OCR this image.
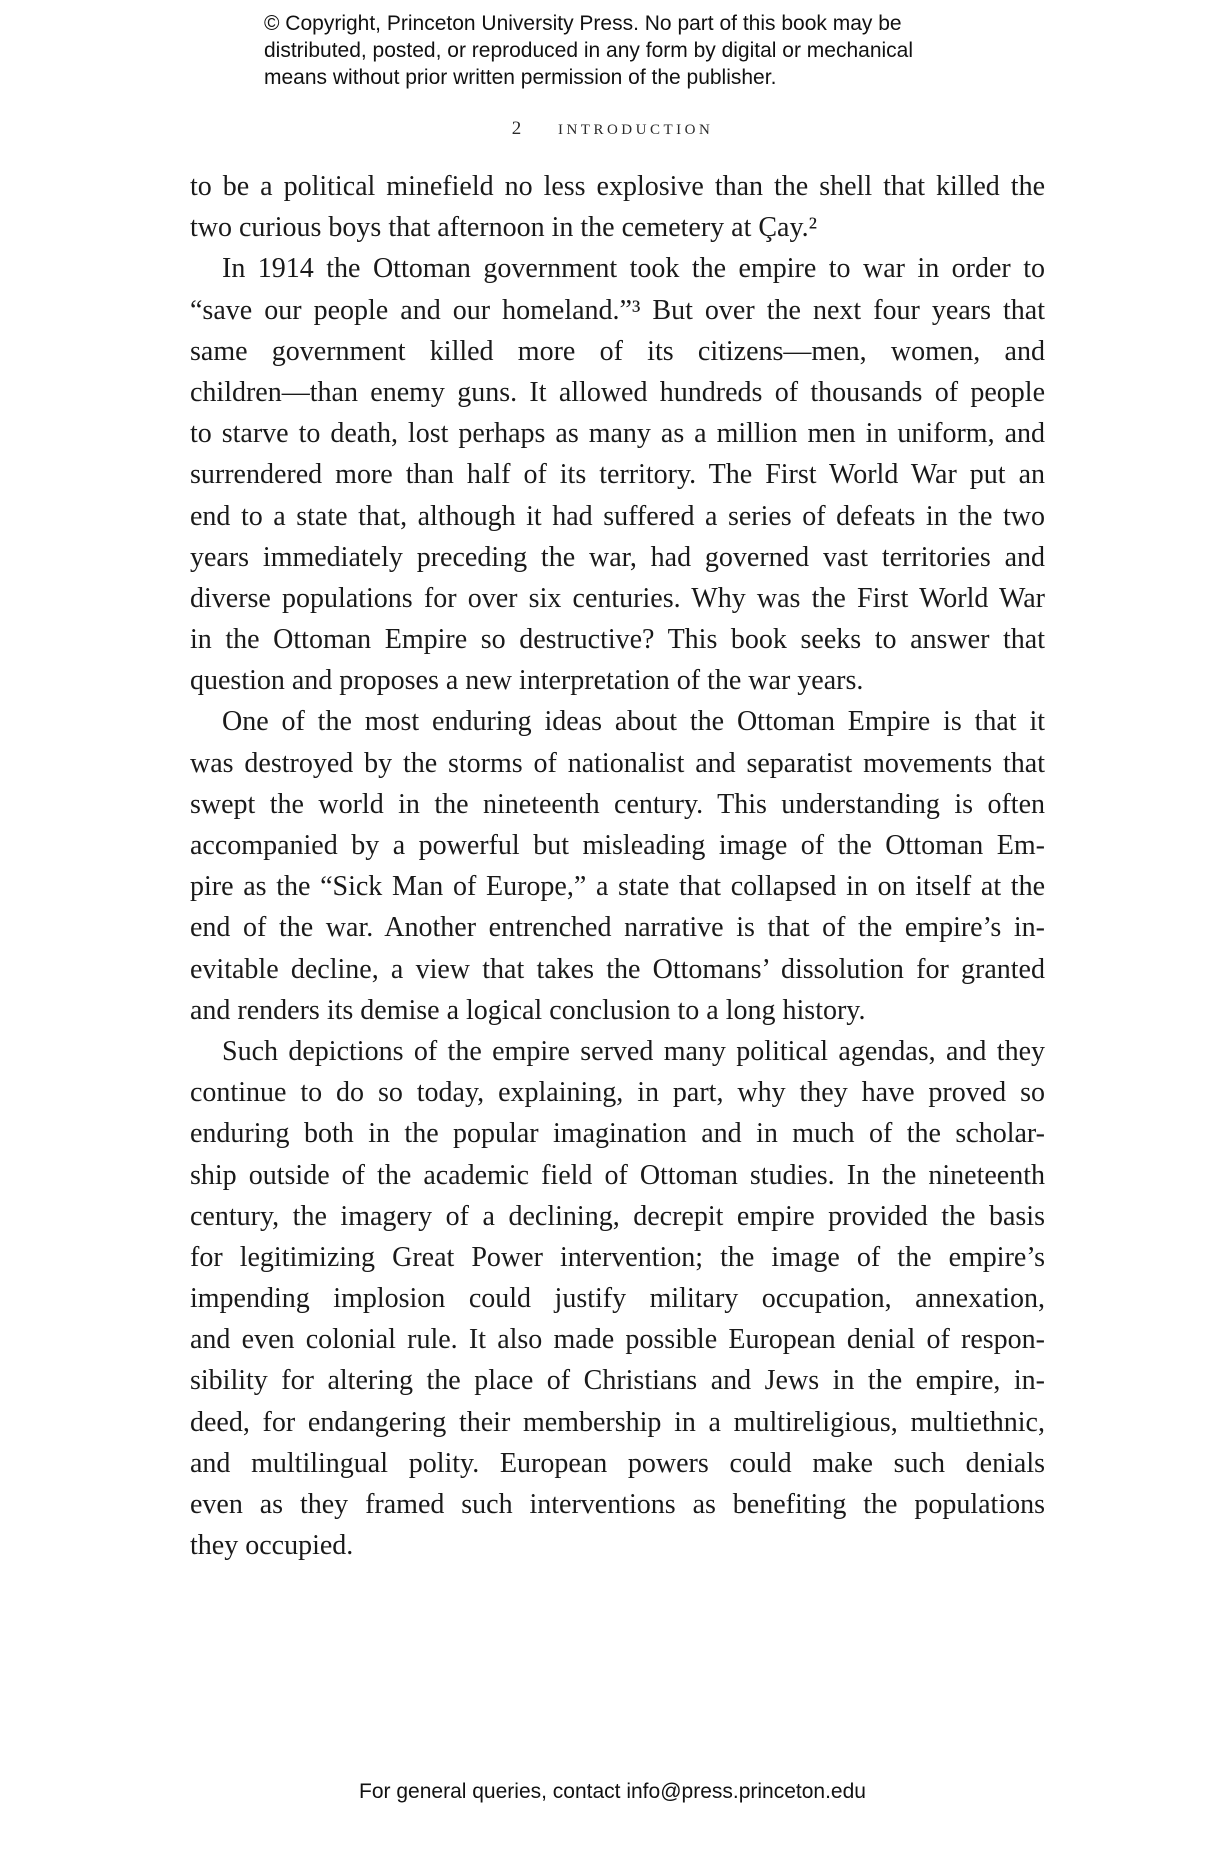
© Copyright, Princeton University Press. No part of this book may be
distributed, posted, or reproduced in any form by digital or mechanical
means without prior written permission of the publisher.
2 introduction
to be a political minefield no less explosive than the shell that killed the
two curious boys that afternoon in the cemetery at Çay.²
In 1914 the Ottoman government took the empire to war in order to
“save our people and our homeland.”³ But over the next four years that
same government killed more of its citizens—men, women, and
children—than enemy guns. It allowed hundreds of thousands of people
to starve to death, lost perhaps as many as a million men in uniform, and
surrendered more than half of its territory. The First World War put an
end to a state that, although it had suffered a series of defeats in the two
years immediately preceding the war, had governed vast territories and
diverse populations for over six centuries. Why was the First World War
in the Ottoman Empire so destructive? This book seeks to answer that
question and proposes a new interpretation of the war years.
One of the most enduring ideas about the Ottoman Empire is that it
was destroyed by the storms of nationalist and separatist movements that
swept the world in the nineteenth century. This understanding is often
accompanied by a powerful but misleading image of the Ottoman Em-
pire as the “Sick Man of Europe,” a state that collapsed in on itself at the
end of the war. Another entrenched narrative is that of the empire’s in-
evitable decline, a view that takes the Ottomans’ dissolution for granted
and renders its demise a logical conclusion to a long history.
Such depictions of the empire served many political agendas, and they
continue to do so today, explaining, in part, why they have proved so
enduring both in the popular imagination and in much of the scholar-
ship outside of the academic field of Ottoman studies. In the nineteenth
century, the imagery of a declining, decrepit empire provided the basis
for legitimizing Great Power intervention; the image of the empire’s
impending implosion could justify military occupation, annexation,
and even colonial rule. It also made possible European denial of respon-
sibility for altering the place of Christians and Jews in the empire, in-
deed, for endangering their membership in a multireligious, multiethnic,
and multilingual polity. European powers could make such denials
even as they framed such interventions as benefiting the populations
they occupied.
For general queries, contact info@press.princeton.edu
